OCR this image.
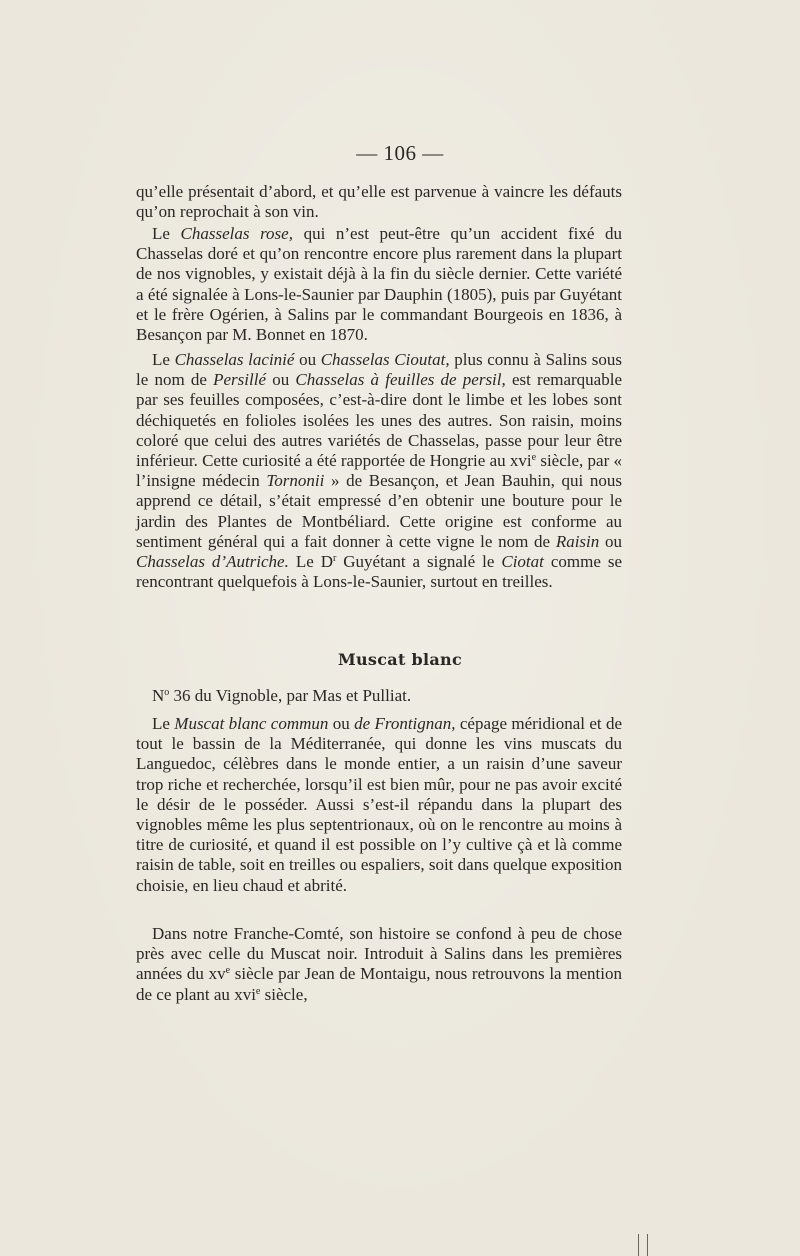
— 106 —

qu’elle présentait d’abord, et qu’elle est parvenue à vaincre les défauts qu’on reprochait à son vin.

Le Chasselas rose, qui n’est peut-être qu’un accident fixé du Chasselas doré et qu’on rencontre encore plus rarement dans la plupart de nos vignobles, y existait déjà à la fin du siècle dernier. Cette variété a été signalée à Lons-le-Saunier par Dauphin (1805), puis par Guyétant et le frère Ogérien, à Salins par le commandant Bourgeois en 1836, à Besançon par M. Bonnet en 1870.

Le Chasselas lacinié ou Chasselas Cioutat, plus connu à Salins sous le nom de Persillé ou Chasselas à feuilles de persil, est remarquable par ses feuilles composées, c’est-à-dire dont le limbe et les lobes sont déchiquetés en folioles isolées les unes des autres. Son raisin, moins coloré que celui des autres variétés de Chasselas, passe pour leur être inférieur. Cette curiosité a été rapportée de Hongrie au xvi$^e$ siècle, par « l’insigne médecin Tornonii » de Besançon, et Jean Bauhin, qui nous apprend ce détail, s’était empressé d’en obtenir une bouture pour le jardin des Plantes de Montbéliard. Cette origine est conforme au sentiment général qui a fait donner à cette vigne le nom de Raisin ou Chasselas d’Autriche. Le $D^r$ Guyétant a signalé le Ciotat comme se rencontrant quelquefois à Lons-le-Saunier, surtout en treilles.

Muscat blanc

$N^o$ 36 du Vignoble, par Mas et Pulliat.

Le Muscat blanc commun ou de Frontignan, cépage méridional et de tout le bassin de la Méditerranée, qui donne les vins muscats du Languedoc, célèbres dans le monde entier, a un raisin d’une saveur trop riche et recherchée, lorsqu’il est bien mûr, pour ne pas avoir excité le désir de le posséder. Aussi s’est-il répandu dans la plupart des vignobles même les plus septentrionaux, où on le rencontre au moins à titre de curiosité, et quand il est possible on l’y cultive çà et là comme raisin de table, soit en treilles ou espaliers, soit dans quelque exposition choisie, en lieu chaud et abrité.

Dans notre Franche-Comté, son histoire se confond à peu de chose près avec celle du Muscat noir. Introduit à Salins dans les premières années du $xv^e$ siècle par Jean de Montaigu, nous retrouvons la mention de ce plant au xvi$^e$ siècle,
